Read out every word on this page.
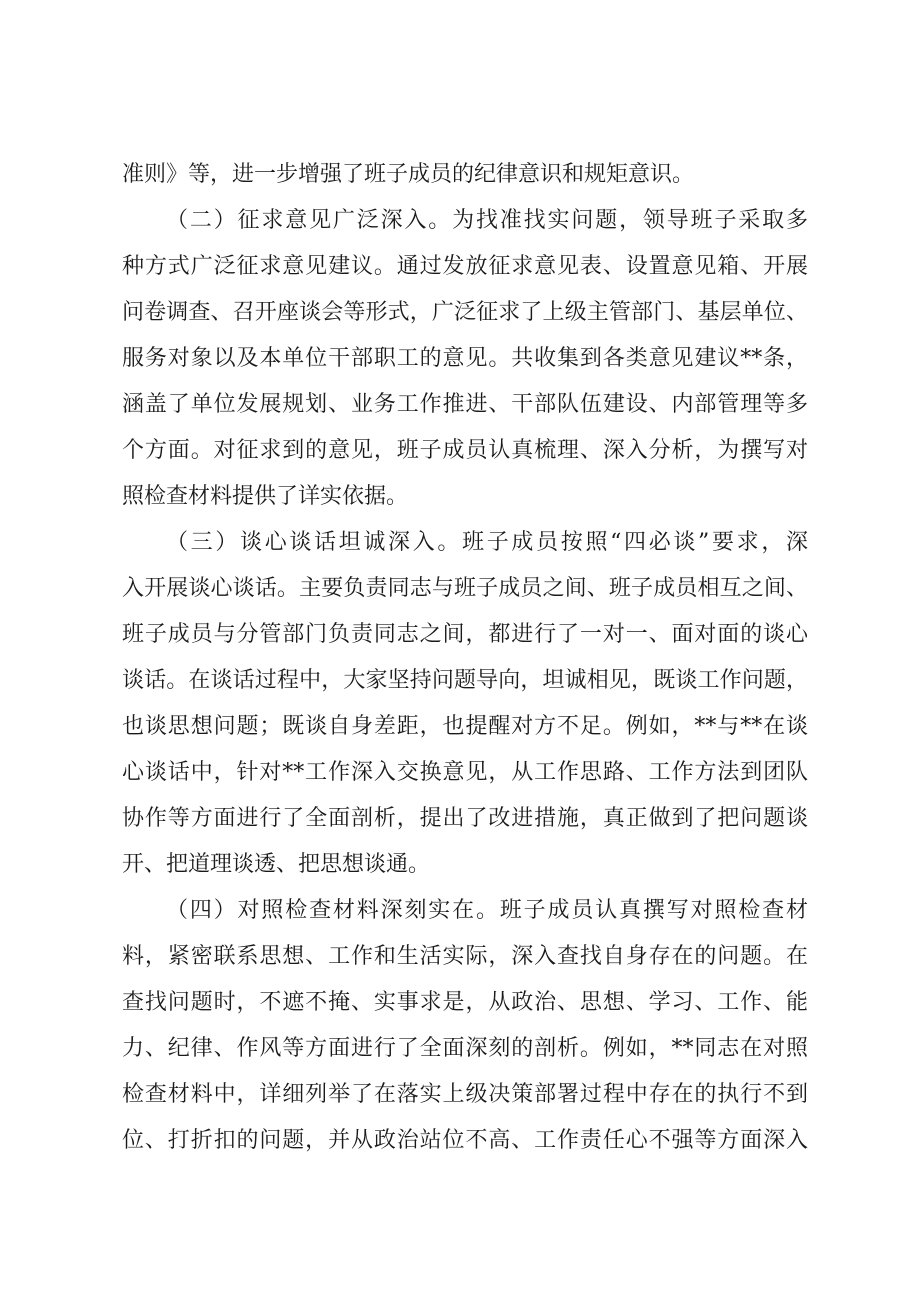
准则》等，进一步增强了班子成员的纪律意识和规矩意识。
（二）征求意见广泛深入。为找准找实问题，领导班子采取多
种方式广泛征求意见建议。通过发放征求意见表、设置意见箱、开展
问卷调查、召开座谈会等形式，广泛征求了上级主管部门、基层单位、
服务对象以及本单位干部职工的意见。共收集到各类意见建议**条，
涵盖了单位发展规划、业务工作推进、干部队伍建设、内部管理等多
个方面。对征求到的意见，班子成员认真梳理、深入分析，为撰写对
照检查材料提供了详实依据。
（三）谈心谈话坦诚深入。班子成员按照“四必谈”要求，深
入开展谈心谈话。主要负责同志与班子成员之间、班子成员相互之间、
班子成员与分管部门负责同志之间，都进行了一对一、面对面的谈心
谈话。在谈话过程中，大家坚持问题导向，坦诚相见，既谈工作问题，
也谈思想问题；既谈自身差距，也提醒对方不足。例如，**与**在谈
心谈话中，针对**工作深入交换意见，从工作思路、工作方法到团队
协作等方面进行了全面剖析，提出了改进措施，真正做到了把问题谈
开、把道理谈透、把思想谈通。
（四）对照检查材料深刻实在。班子成员认真撰写对照检查材
料，紧密联系思想、工作和生活实际，深入查找自身存在的问题。在
查找问题时，不遮不掩、实事求是，从政治、思想、学习、工作、能
力、纪律、作风等方面进行了全面深刻的剖析。例如，**同志在对照
检查材料中，详细列举了在落实上级决策部署过程中存在的执行不到
位、打折扣的问题，并从政治站位不高、工作责任心不强等方面深入
